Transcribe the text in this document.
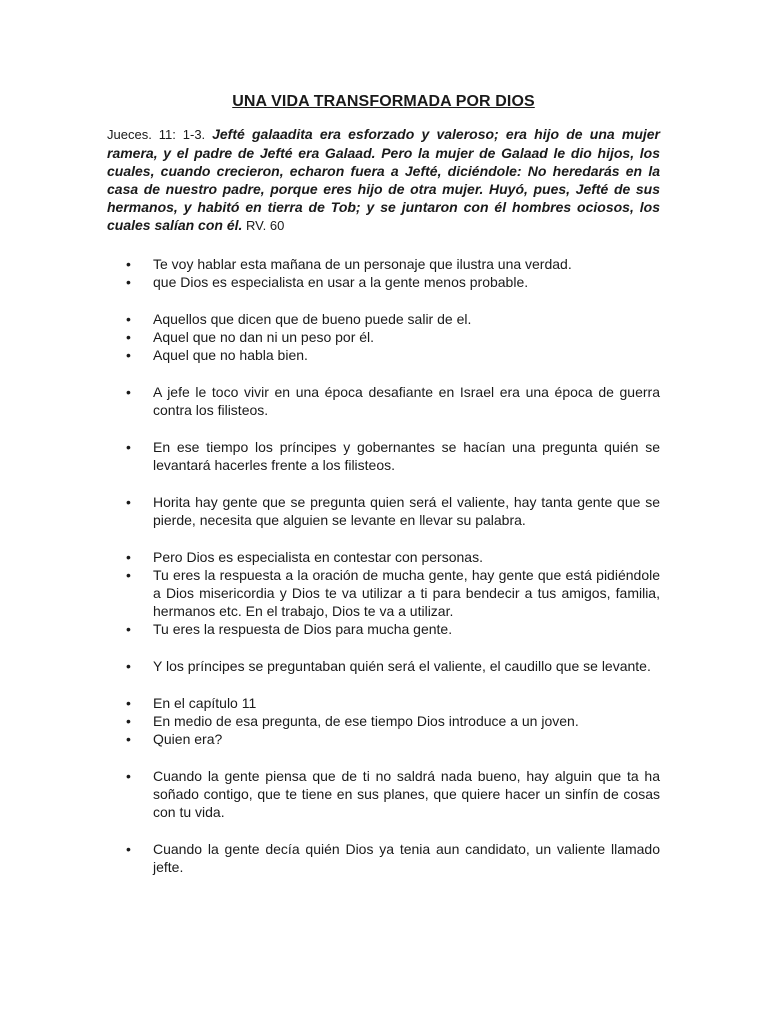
UNA VIDA TRANSFORMADA POR DIOS

Jueces. 11: 1-3. Jefté galaadita era esforzado y valeroso; era hijo de una mujer ramera, y el padre de Jefté era Galaad. Pero la mujer de Galaad le dio hijos, los cuales, cuando crecieron, echaron fuera a Jefté, diciéndole: No heredarás en la casa de nuestro padre, porque eres hijo de otra mujer. Huyó, pues, Jefté de sus hermanos, y habitó en tierra de Tob; y se juntaron con él hombres ociosos, los cuales salían con él. RV. 60

• Te voy hablar esta mañana de un personaje que ilustra una verdad.
• que Dios es especialista en usar a la gente menos probable.
• Aquellos que dicen que de bueno puede salir de el.
• Aquel que no dan ni un peso por él.
• Aquel que no habla bien.
• A jefe le toco vivir en una época desafiante en Israel era una época de guerra contra los filisteos.
• En ese tiempo los príncipes y gobernantes se hacían una pregunta quién se levantará hacerles frente a los filisteos.
• Horita hay gente que se pregunta quien será el valiente, hay tanta gente que se pierde, necesita que alguien se levante en llevar su palabra.
• Pero Dios es especialista en contestar con personas.
• Tu eres la respuesta a la oración de mucha gente, hay gente que está pidiéndole a Dios misericordia y Dios te va utilizar a ti para bendecir a tus amigos, familia, hermanos etc. En el trabajo, Dios te va a utilizar.
• Tu eres la respuesta de Dios para mucha gente.
• Y los príncipes se preguntaban quién será el valiente, el caudillo que se levante.
• En el capítulo 11
• En medio de esa pregunta, de ese tiempo Dios introduce a un joven.
• Quien era?
• Cuando la gente piensa que de ti no saldrá nada bueno, hay alguin que ta ha soñado contigo, que te tiene en sus planes, que quiere hacer un sinfín de cosas con tu vida.
• Cuando la gente decía quién Dios ya tenia aun candidato, un valiente llamado jefte.
